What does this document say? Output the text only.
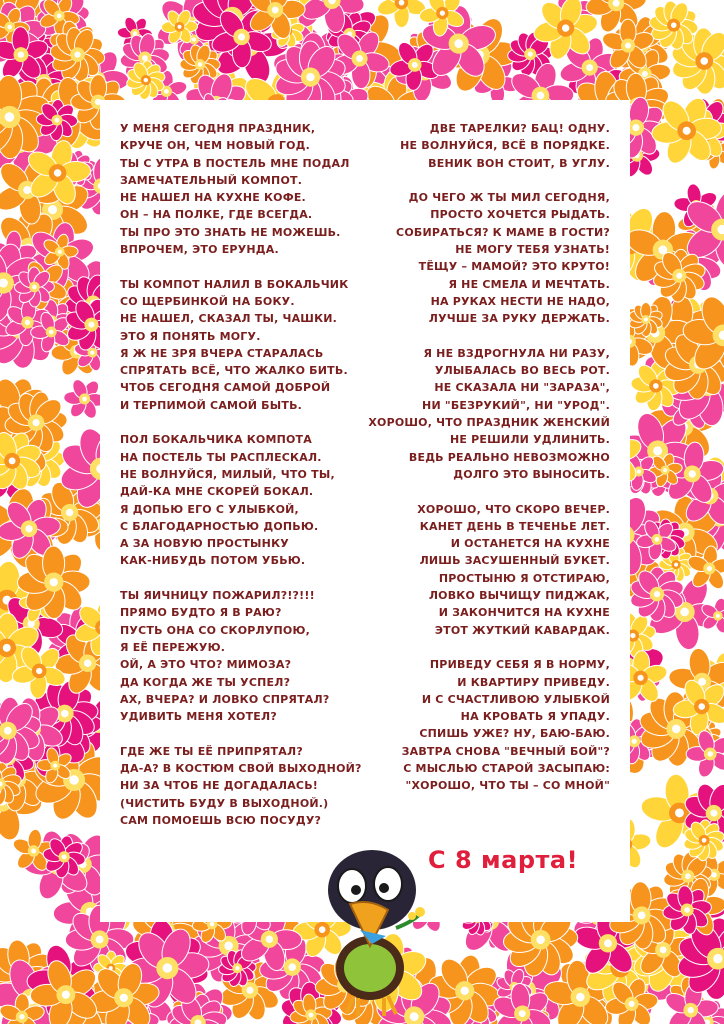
У МЕНЯ СЕГОДНЯ ПРАЗДНИК,
КРУЧЕ ОН, ЧЕМ НОВЫЙ ГОД.
ТЫ С УТРА В ПОСТЕЛЬ МНЕ ПОДАЛ
ЗАМЕЧАТЕЛЬНЫЙ КОМПОТ.
НЕ НАШЕЛ НА КУХНЕ КОФЕ.
ОН – НА ПОЛКЕ, ГДЕ ВСЕГДА.
ТЫ ПРО ЭТО ЗНАТЬ НЕ МОЖЕШЬ.
ВПРОЧЕМ, ЭТО ЕРУНДА.
ТЫ КОМПОТ НАЛИЛ В БОКАЛЬЧИК
СО ЩЕРБИНКОЙ НА БОКУ.
НЕ НАШЕЛ, СКАЗАЛ ТЫ, ЧАШКИ.
ЭТО Я ПОНЯТЬ МОГУ.
Я Ж НЕ ЗРЯ ВЧЕРА СТАРАЛАСЬ
СПРЯТАТЬ ВСЁ, ЧТО ЖАЛКО БИТЬ.
ЧТОБ СЕГОДНЯ САМОЙ ДОБРОЙ
И ТЕРПИМОЙ САМОЙ БЫТЬ.
ПОЛ БОКАЛЬЧИКА КОМПОТА
НА ПОСТЕЛЬ ТЫ РАСПЛЕСКАЛ.
НЕ ВОЛНУЙСЯ, МИЛЫЙ, ЧТО ТЫ,
ДАЙ-КА МНЕ СКОРЕЙ БОКАЛ.
Я ДОПЬЮ ЕГО С УЛЫБКОЙ,
С БЛАГОДАРНОСТЬЮ ДОПЬЮ.
А ЗА НОВУЮ ПРОСТЫНКУ
КАК-НИБУДЬ ПОТОМ УБЬЮ.
ТЫ ЯИЧНИЦУ ПОЖАРИЛ?!?!!!
ПРЯМО БУДТО Я В РАЮ?
ПУСТЬ ОНА СО СКОРЛУПОЮ,
Я ЕЁ ПЕРЕЖУЮ.
ОЙ, А ЭТО ЧТО? МИМОЗА?
ДА КОГДА ЖЕ ТЫ УСПЕЛ?
АХ, ВЧЕРА? И ЛОВКО СПРЯТАЛ?
УДИВИТЬ МЕНЯ ХОТЕЛ?
ГДЕ ЖЕ ТЫ ЕЁ ПРИПРЯТАЛ?
ДА-А? В КОСТЮМ СВОЙ ВЫХОДНОЙ?
НИ ЗА ЧТОБ НЕ ДОГАДАЛАСЬ!
(ЧИСТИТЬ БУДУ В ВЫХОДНОЙ.)
САМ ПОМОЕШЬ ВСЮ ПОСУДУ?
ДВЕ ТАРЕЛКИ? БАЦ! ОДНУ.
НЕ ВОЛНУЙСЯ, ВСЁ В ПОРЯДКЕ.
ВЕНИК ВОН СТОИТ, В УГЛУ.
ДО ЧЕГО Ж ТЫ МИЛ СЕГОДНЯ,
ПРОСТО ХОЧЕТСЯ РЫДАТЬ.
СОБИРАТЬСЯ? К МАМЕ В ГОСТИ?
НЕ МОГУ ТЕБЯ УЗНАТЬ!
ТЁЩУ – МАМОЙ? ЭТО КРУТО!
Я НЕ СМЕЛА И МЕЧТАТЬ.
НА РУКАХ НЕСТИ НЕ НАДО,
ЛУЧШЕ ЗА РУКУ ДЕРЖАТЬ.
Я НЕ ВЗДРОГНУЛА НИ РАЗУ,
УЛЫБАЛАСЬ ВО ВЕСЬ РОТ.
НЕ СКАЗАЛА НИ "ЗАРАЗА",
НИ "БЕЗРУКИЙ", НИ "УРОД".
ХОРОШО, ЧТО ПРАЗДНИК ЖЕНСКИЙ
НЕ РЕШИЛИ УДЛИНИТЬ.
ВЕДЬ РЕАЛЬНО НЕВОЗМОЖНО
ДОЛГО ЭТО ВЫНОСИТЬ.
ХОРОШО, ЧТО СКОРО ВЕЧЕР.
КАНЕТ ДЕНЬ В ТЕЧЕНЬЕ ЛЕТ.
И ОСТАНЕТСЯ НА КУХНЕ
ЛИШЬ ЗАСУШЕННЫЙ БУКЕТ.
ПРОСТЫНЮ Я ОТСТИРАЮ,
ЛОВКО ВЫЧИЩУ ПИДЖАК,
И ЗАКОНЧИТСЯ НА КУХНЕ
ЭТОТ ЖУТКИЙ КАВАРДАК.
ПРИВЕДУ СЕБЯ Я В НОРМУ,
И КВАРТИРУ ПРИВЕДУ.
И С СЧАСТЛИВОЮ УЛЫБКОЙ
НА КРОВАТЬ Я УПАДУ.
СПИШЬ УЖЕ? НУ, БАЮ-БАЮ.
ЗАВТРА СНОВА "ВЕЧНЫЙ БОЙ"?
С МЫСЛЬЮ СТАРОЙ ЗАСЫПАЮ:
"ХОРОШО, ЧТО ТЫ – СО МНОЙ"
С 8 марта!
